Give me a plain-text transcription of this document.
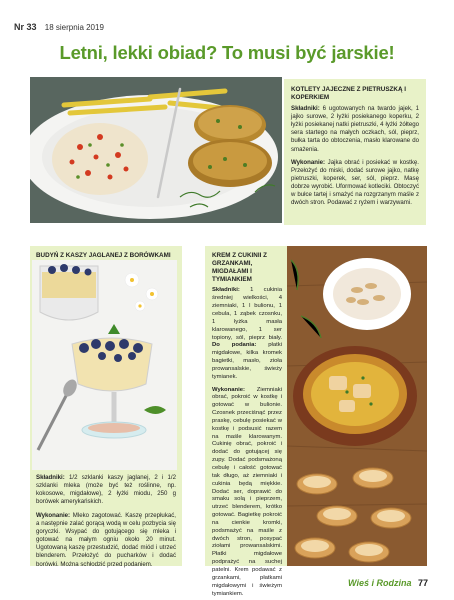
Nr 33 18 sierpnia 2019
Letni, lekki obiad? To musi być jarskie!
KOTLETY JAJECZNE Z PIETRUSZKĄ I KOPERKIEM
Składniki: 6 ugotowanych na twardo jajek, 1 jajko surowe, 2 łyżki posiekanego koperku, 2 łyżki posiekanej natki pietruszki, 4 łyżki żółtego sera startego na małych oczkach, sól, pieprz, bułka tarta do obtoczenia, masło klarowane do smażenia.

Wykonanie: Jajka obrać i posiekać w kostkę. Przełożyć do miski, dodać surowe jajko, natkę pietruszki, koperek, ser, sól, pieprz. Masę dobrze wyrobić. Uformować kotleciki. Obtoczyć w bułce tartej i smażyć na rozgrzanym maśle z dwóch stron. Podawać z ryżem i warzywami.

BUDYŃ Z KASZY JAGLANEJ Z BORÓWKAMI
Składniki: 1/2 szklanki kaszy jaglanej, 2 i 1/2 szklanki mleka (może być też roślinne, np. kokosowe, migdałowe), 2 łyżki miodu, 250 g borówek amerykańskich.

Wykonanie: Mleko zagotować. Kaszę przepłukać, a następnie zalać gorącą wodą w celu pozbycia się goryczki. Wsypać do gotującego się mleka i gotować na małym ogniu około 20 minut. Ugotowaną kaszę przestudzić, dodać miód i utrzeć blenderem. Przełożyć do pucharków i dodać borówki. Można schłodzić przed podaniem.

KREM Z CUKINII Z GRZANKAMI, MIGDAŁAMI I TYMIANKIEM
Składniki: 1 cukinia średniej wielkości, 4 ziemniaki, 1 l bulionu, 1 cebula, 1 ząbek czosnku, 1 łyżka masła klarowanego, 1 ser topiony, sól, pieprz biały. Do podania: płatki migdałowe, kilka kromek bagietki, masło, zioła prowansalskie, świeży tymianek.

Wykonanie: Ziemniaki obrać, pokroić w kostkę i gotować w bulionie. Czosnek przeciśnąć przez praskę, cebulę posiekać w kostkę i podsusić razem na maśle klarowanym. Cukinię obrać, pokroić i dodać do gotującej się zupy. Dodać podsmażoną cebulę i całość gotować tak długo, aż ziemniaki i cukinia będą miękkie. Dodać ser, doprawić do smaku solą i pieprzem, utrzeć blenderem, krótko gotować. Bagietkę pokroić na cienkie kromki, podsmażyć na maśle z dwóch stron, posypać ziołami prowansalskimi. Płatki migdałowe podprażyć na suchej patelni. Krem podawać z grzankami, płatkami migdałowymi i świeżym tymiankiem.

Wieś i Rodzina 77
